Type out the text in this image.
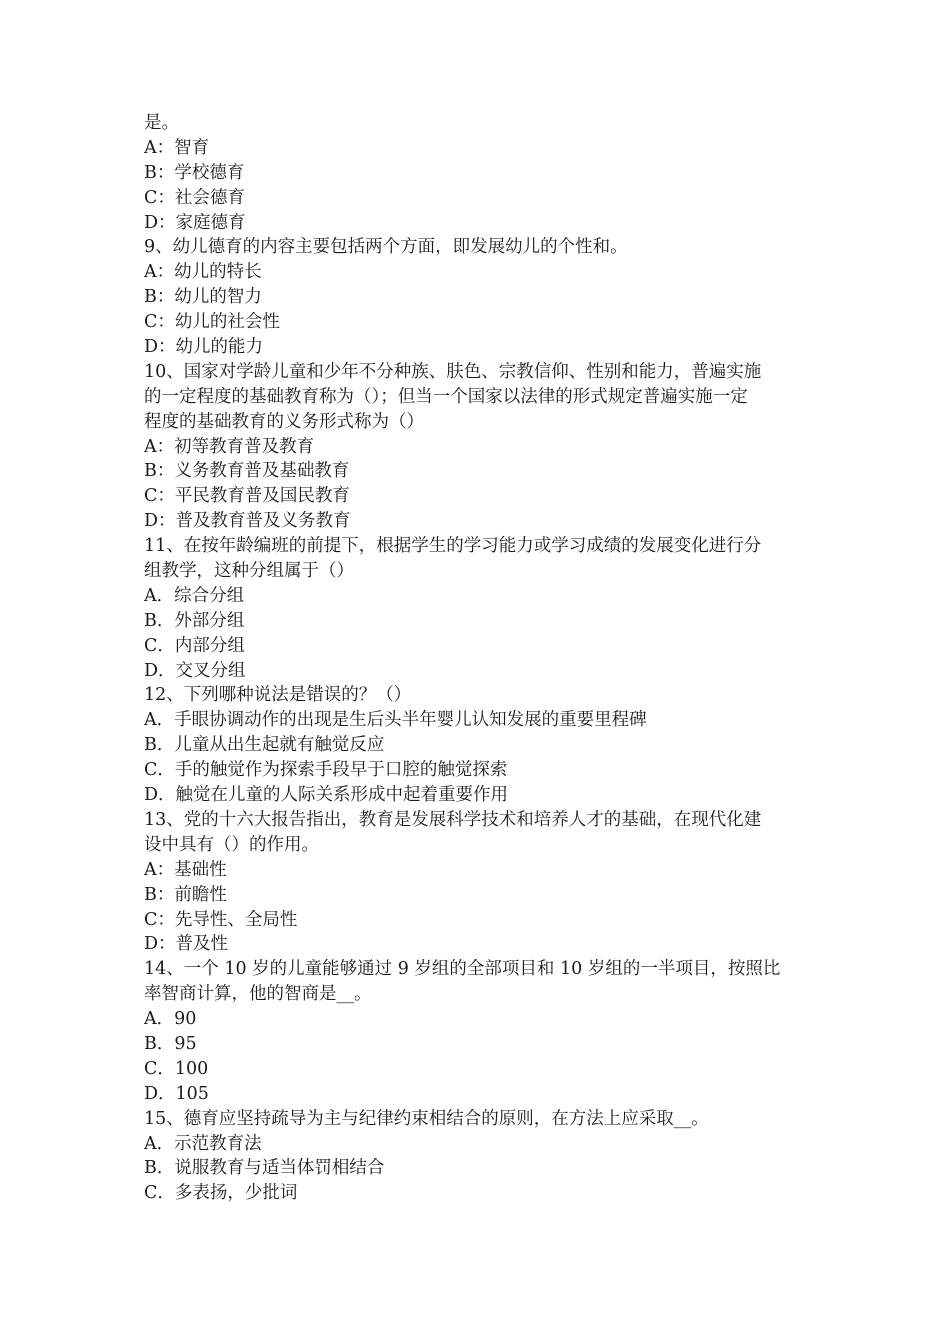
是。
A：智育
B：学校德育
C：社会德育
D：家庭德育
9、幼儿德育的内容主要包括两个方面，即发展幼儿的个性和。
A：幼儿的特长
B：幼儿的智力
C：幼儿的社会性
D：幼儿的能力
10、国家对学龄儿童和少年不分种族、肤色、宗教信仰、性别和能力，普遍实施
的一定程度的基础教育称为（）；但当一个国家以法律的形式规定普遍实施一定
程度的基础教育的义务形式称为（）
A：初等教育普及教育
B：义务教育普及基础教育
C：平民教育普及国民教育
D：普及教育普及义务教育
11、在按年龄编班的前提下，根据学生的学习能力或学习成绩的发展变化进行分
组教学，这种分组属于（）
A．综合分组
B．外部分组
C．内部分组
D．交叉分组
12、下列哪种说法是错误的？（）
A．手眼协调动作的出现是生后头半年婴儿认知发展的重要里程碑
B．儿童从出生起就有触觉反应
C．手的触觉作为探索手段早于口腔的触觉探索
D．触觉在儿童的人际关系形成中起着重要作用
13、党的十六大报告指出，教育是发展科学技术和培养人才的基础，在现代化建
设中具有（）的作用。
A：基础性
B：前瞻性
C：先导性、全局性
D：普及性
14、一个 10 岁的儿童能够通过 9 岁组的全部项目和 10 岁组的一半项目，按照比
率智商计算，他的智商是__。
A．90
B．95
C．100
D．105
15、德育应坚持疏导为主与纪律约束相结合的原则，在方法上应采取__。
A．示范教育法
B．说服教育与适当体罚相结合
C．多表扬，少批词
